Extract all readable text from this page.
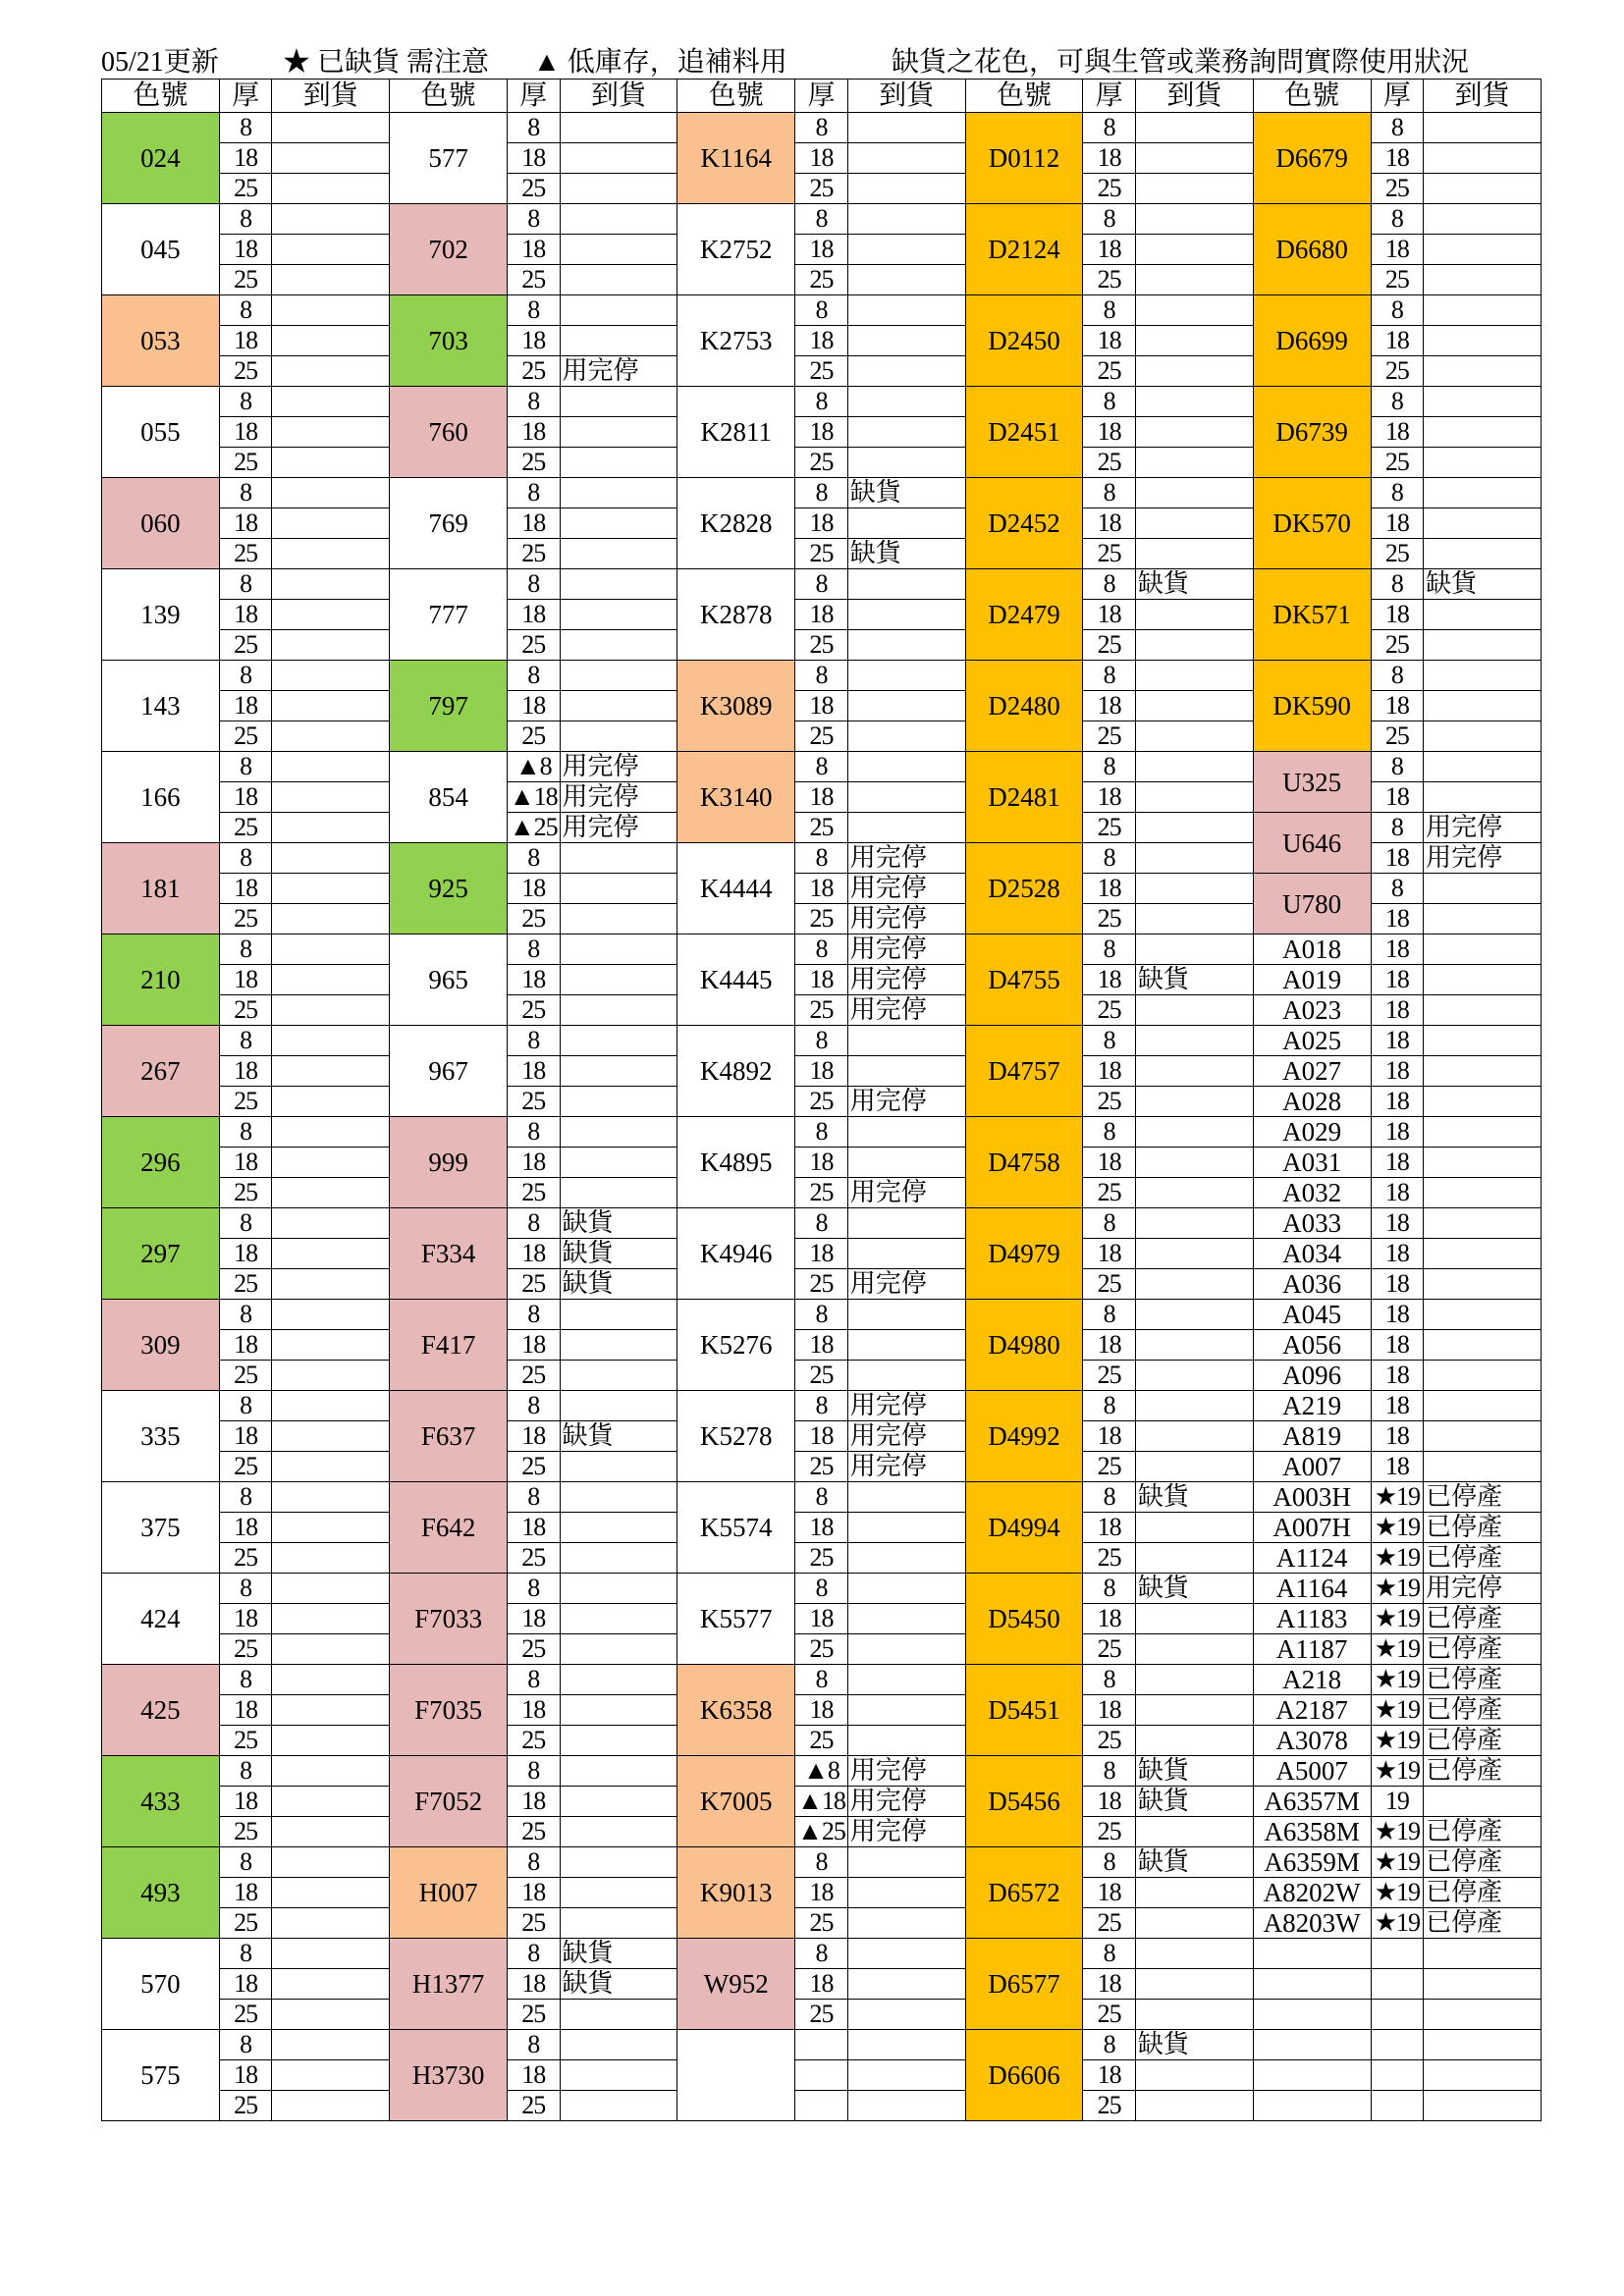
05/21更新 ★ 已缺貨 需注意 ▲ 低庫存，追補料用	缺貨之花色，可與生管或業務詢問實際使用狀況
色號	厚	到貨	色號	厚	到貨	色號	厚	到貨	色號	厚	到貨	色號	厚	到貨
024	8		577	8		K1164	8		D0112	8		D6679	8	
	18			18			18			18			18	
	25			25			25			25			25	
045	8		702	8		K2752	8		D2124	8		D6680	8	
	18			18			18			18			18	
	25			25			25			25			25	
053	8		703	8		K2753	8		D2450	8		D6699	8	
	18			18			18			18			18	
	25			25	用完停		25			25			25	
055	8		760	8		K2811	8		D2451	8		D6739	8	
	18			18			18			18			18	
	25			25			25			25			25	
060	8		769	8		K2828	8	缺貨	D2452	8		DK570	8	
	18			18			18			18			18	
	25			25			25	缺貨		25			25	
139	8		777	8		K2878	8		D2479	8	缺貨	DK571	8	缺貨
	18			18			18			18			18	
	25			25			25			25			25	
143	8		797	8		K3089	8		D2480	8		DK590	8	
	18			18			18			18			18	
	25			25			25			25			25	
166	8		854	▲8	用完停	K3140	8		D2481	8		U325	8	
	18			▲18	用完停		18			18			18	
	25			▲25	用完停		25			25		U646	8	用完停
181	8		925	8		K4444	8	用完停	D2528	8			18	用完停
	18			18			18	用完停		18		U780	8	
	25			25			25	用完停		25			18	
210	8		965	8		K4445	8	用完停	D4755	8		A018	18	
	18			18			18	用完停		18	缺貨	A019	18	
	25			25			25	用完停		25		A023	18	
267	8		967	8		K4892	8		D4757	8		A025	18	
	18			18			18			18		A027	18	
	25			25			25	用完停		25		A028	18	
296	8		999	8		K4895	8		D4758	8		A029	18	
	18			18			18			18		A031	18	
	25			25			25	用完停		25		A032	18	
297	8		F334	8	缺貨	K4946	8		D4979	8		A033	18	
	18			18	缺貨		18			18		A034	18	
	25			25	缺貨		25	用完停		25		A036	18	
309	8		F417	8		K5276	8		D4980	8		A045	18	
	18			18			18			18		A056	18	
	25			25			25			25		A096	18	
335	8		F637	8		K5278	8	用完停	D4992	8		A219	18	
	18			18	缺貨		18	用完停		18		A819	18	
	25			25			25	用完停		25		A007	18	
375	8		F642	8		K5574	8		D4994	8	缺貨	A003H	★19	已停產
	18			18			18			18		A007H	★19	已停產
	25			25			25			25		A1124	★19	已停產
424	8		F7033	8		K5577	8		D5450	8	缺貨	A1164	★19	用完停
	18			18			18			18		A1183	★19	已停產
	25			25			25			25		A1187	★19	已停產
425	8		F7035	8		K6358	8		D5451	8		A218	★19	已停產
	18			18			18			18		A2187	★19	已停產
	25			25			25			25		A3078	★19	已停產
433	8		F7052	8		K7005	▲8	用完停	D5456	8	缺貨	A5007	★19	已停產
	18			18			▲18	用完停		18	缺貨	A6357M	19	
	25			25			▲25	用完停		25		A6358M	★19	已停產
493	8		H007	8		K9013	8		D6572	8	缺貨	A6359M	★19	已停產
	18			18			18			18		A8202W	★19	已停產
	25			25			25			25		A8203W	★19	已停產
570	8		H1377	8	缺貨	W952	8		D6577	8				
	18			18	缺貨		18			18				
	25			25			25			25				
575	8		H3730	8					D6606	8	缺貨			
	18			18						18				
	25			25						25				
